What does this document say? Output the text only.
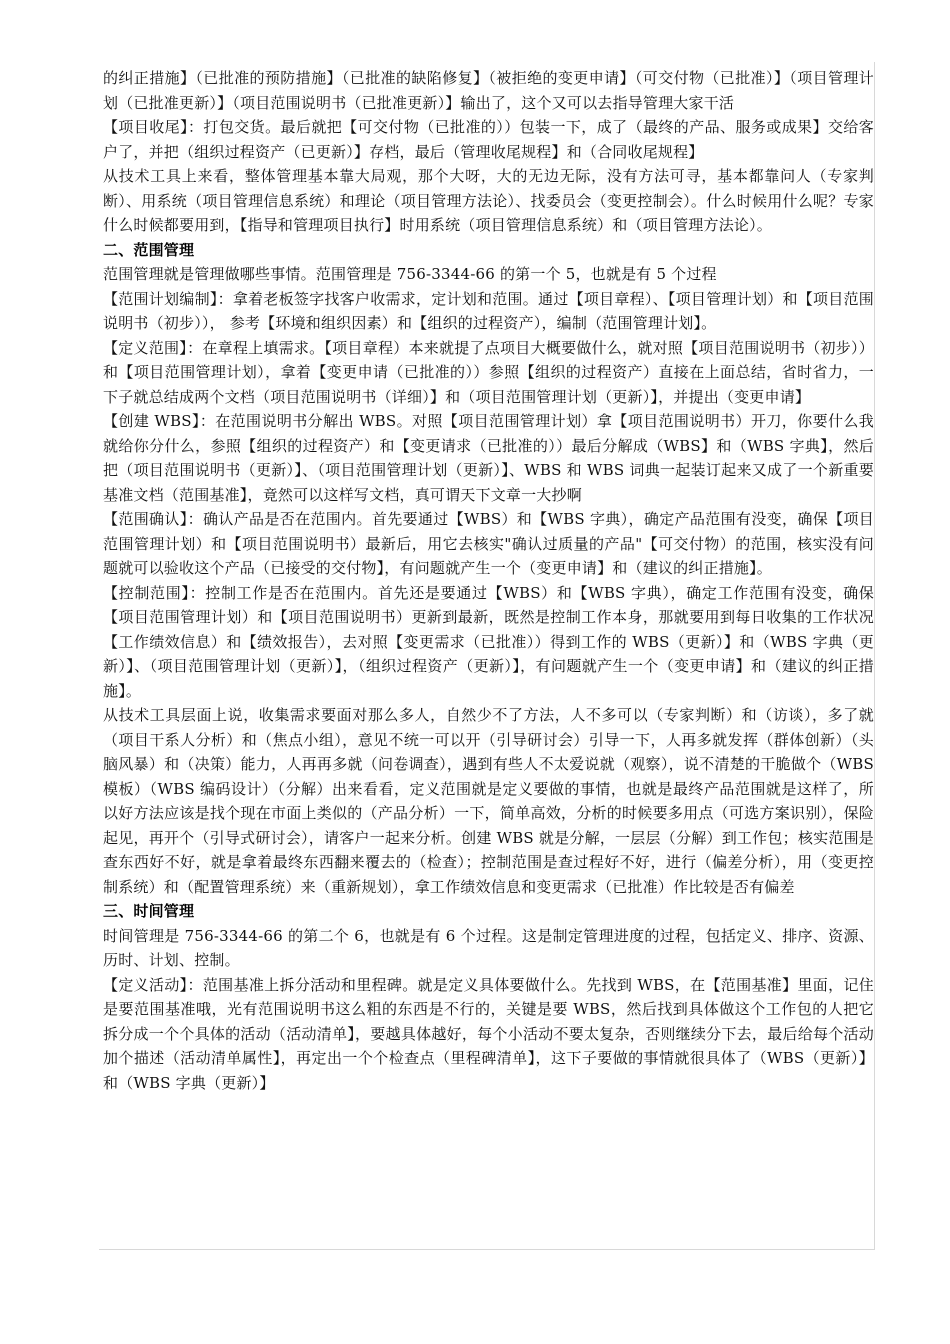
的纠正措施】（已批准的预防措施】（已批准的缺陷修复】（被拒绝的变更申请】（可交付物（已批准）】（项目管理计划（已批准更新）】（项目范围说明书（已批准更新）】输出了，这个又可以去指导管理大家干活

【项目收尾】：打包交货。最后就把【可交付物（已批准的））包装一下，成了（最终的产品、服务或成果】交给客户了，并把（组织过程资产（已更新）】存档，最后（管理收尾规程】和（合同收尾规程】

从技术工具上来看，整体管理基本靠大局观，那个大呀，大的无边无际，没有方法可寻，基本都靠问人（专家判断）、用系统（项目管理信息系统）和理论（项目管理方法论）、找委员会（变更控制会）。什么时候用什么呢？专家什么时候都要用到，【指导和管理项目执行】时用系统（项目管理信息系统）和（项目管理方法论）。

二、范围管理

范围管理就是管理做哪些事情。范围管理是 756-3344-66 的第一个 5，也就是有 5 个过程

【范围计划编制】：拿着老板签字找客户收需求，定计划和范围。通过【项目章程）、【项目管理计划）和【项目范围说明书（初步））， 参考【环境和组织因素）和【组织的过程资产），编制（范围管理计划】。

【定义范围】：在章程上填需求。【项目章程）本来就提了点项目大概要做什么，就对照【项目范围说明书（初步））和【项目范围管理计划），拿着【变更申请（已批准的））参照【组织的过程资产）直接在上面总结，省时省力，一下子就总结成两个文档（项目范围说明书（详细）】和（项目范围管理计划（更新）】，并提出（变更申请】

【创建 WBS】：在范围说明书分解出 WBS。对照【项目范围管理计划）拿【项目范围说明书）开刀，你要什么我就给你分什么，参照【组织的过程资产）和【变更请求（已批准的））最后分解成（WBS】和（WBS 字典】，然后把（项目范围说明书（更新）】、（项目范围管理计划（更新）】、WBS 和 WBS 词典一起装订起来又成了一个新重要基准文档（范围基准】，竟然可以这样写文档，真可谓天下文章一大抄啊

【范围确认】：确认产品是否在范围内。首先要通过【WBS）和【WBS 字典），确定产品范围有没变，确保【项目范围管理计划）和【项目范围说明书）最新后，用它去核实"确认过质量的产品"【可交付物）的范围，核实没有问题就可以验收这个产品（已接受的交付物】，有问题就产生一个（变更申请】和（建议的纠正措施】。

【控制范围】：控制工作是否在范围内。首先还是要通过【WBS）和【WBS 字典），确定工作范围有没变，确保【项目范围管理计划）和【项目范围说明书）更新到最新，既然是控制工作本身，那就要用到每日收集的工作状况【工作绩效信息）和【绩效报告），去对照【变更需求（已批准））得到工作的 WBS（更新）】和（WBS 字典（更新）】、（项目范围管理计划（更新）】，（组织过程资产（更新）】，有问题就产生一个（变更申请】和（建议的纠正措施】。

从技术工具层面上说，收集需求要面对那么多人，自然少不了方法，人不多可以（专家判断）和（访谈），多了就（项目干系人分析）和（焦点小组），意见不统一可以开（引导研讨会）引导一下，人再多就发挥（群体创新）（头脑风暴）和（决策）能力，人再再多就（问卷调查），遇到有些人不太爱说就（观察），说不清楚的干脆做个（WBS 模板）（WBS 编码设计）（分解）出来看看，定义范围就是定义要做的事情，也就是最终产品范围就是这样了，所以好方法应该是找个现在市面上类似的（产品分析）一下，简单高效，分析的时候要多用点（可选方案识别），保险起见，再开个（引导式研讨会），请客户一起来分析。创建 WBS 就是分解，一层层（分解）到工作包；核实范围是查东西好不好，就是拿着最终东西翻来覆去的（检查）；控制范围是查过程好不好，进行（偏差分析），用（变更控制系统）和（配置管理系统）来（重新规划），拿工作绩效信息和变更需求（已批准）作比较是否有偏差

三、时间管理

时间管理是 756-3344-66 的第二个 6，也就是有 6 个过程。这是制定管理进度的过程，包括定义、排序、资源、历时、计划、控制。

【定义活动】：范围基准上拆分活动和里程碑。就是定义具体要做什么。先找到 WBS，在【范围基准】里面，记住是要范围基准哦，光有范围说明书这么粗的东西是不行的，关键是要 WBS，然后找到具体做这个工作包的人把它拆分成一个个具体的活动（活动清单】，要越具体越好，每个小活动不要太复杂，否则继续分下去，最后给每个活动加个描述（活动清单属性】，再定出一个个检查点（里程碑清单】，这下子要做的事情就很具体了（WBS（更新）】和（WBS 字典（更新）】
